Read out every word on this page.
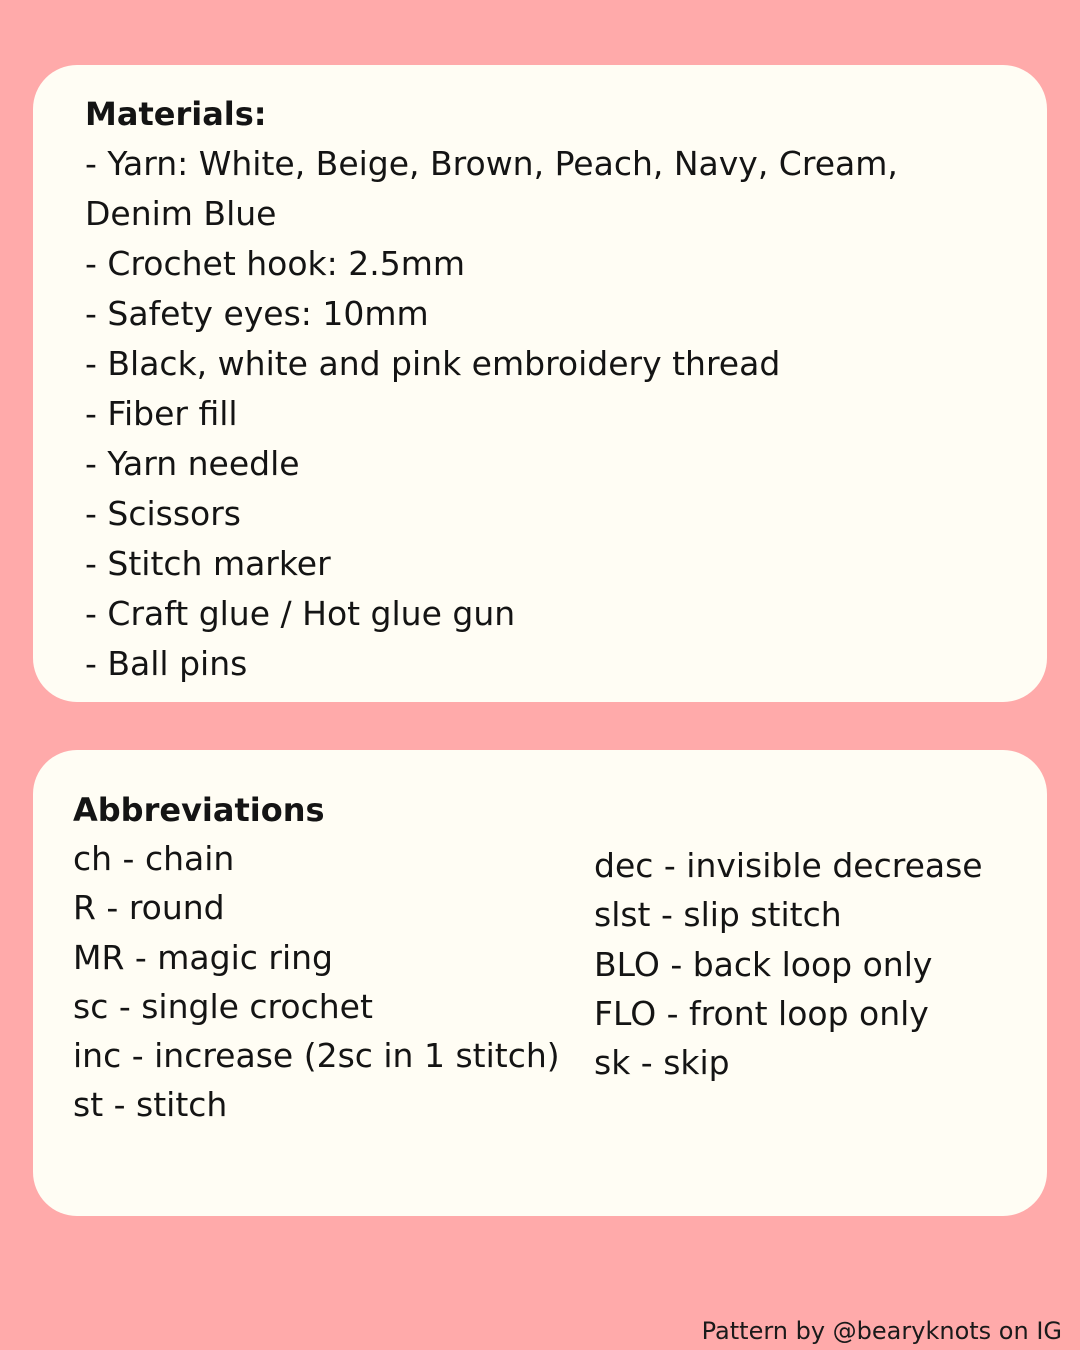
Materials:
- Yarn: White, Beige, Brown, Peach, Navy, Cream,
Denim Blue
- Crochet hook: 2.5mm
- Safety eyes: 10mm
- Black, white and pink embroidery thread
- Fiber fill
- Yarn needle
- Scissors
- Stitch marker
- Craft glue / Hot glue gun
- Ball pins
Abbreviations
ch - chain
R - round
MR - magic ring
sc - single crochet
inc - increase (2sc in 1 stitch)
st - stitch
dec - invisible decrease
slst - slip stitch
BLO - back loop only
FLO - front loop only
sk - skip
Pattern by @bearyknots on IG
